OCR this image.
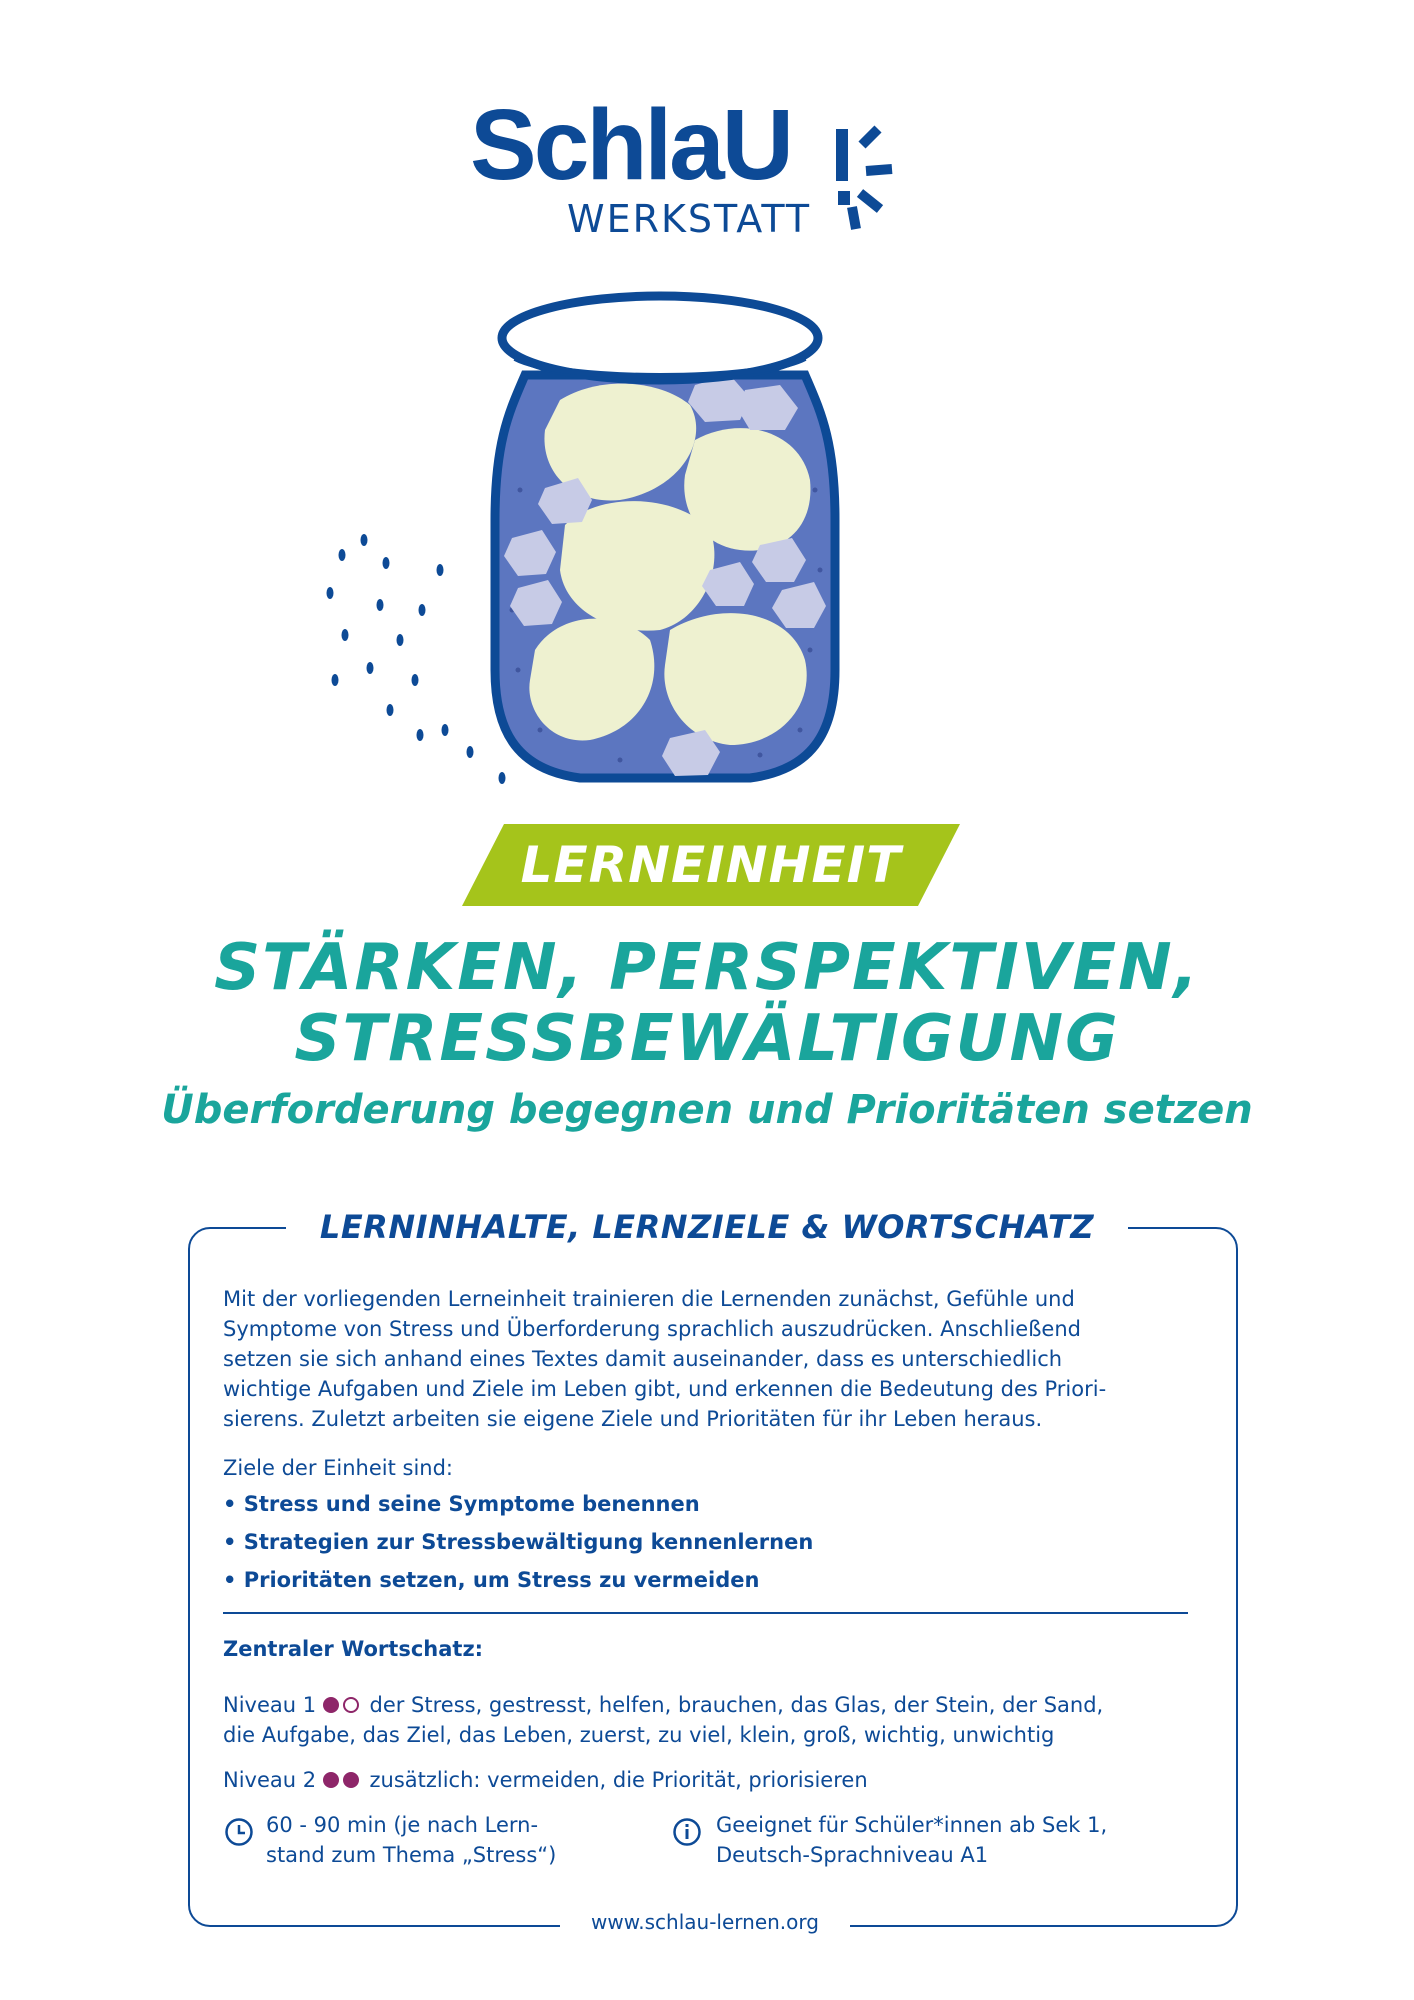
SchlaU
WERKSTATT
LERNEINHEIT
STÄRKEN, PERSPEKTIVEN,
STRESSBEWÄLTIGUNG
Überforderung begegnen und Prioritäten setzen
LERNINHALTE, LERNZIELE & WORTSCHATZ

Mit der vorliegenden Lerneinheit trainieren die Lernenden zunächst, Gefühle und

Symptome von Stress und Überforderung sprachlich auszudrücken. Anschließend

setzen sie sich anhand eines Textes damit auseinander, dass es unterschiedlich

wichtige Aufgaben und Ziele im Leben gibt, und erkennen die Bedeutung des Priori-

sierens. Zuletzt arbeiten sie eigene Ziele und Prioritäten für ihr Leben heraus.

Ziele der Einheit sind:
• Stress und seine Symptome benennen
• Strategien zur Stressbewältigung kennenlernen
• Prioritäten setzen, um Stress zu vermeiden
Zentraler Wortschatz:
Niveau 1	der Stress, gestresst, helfen, brauchen, das Glas, der Stein, der Sand,
die Aufgabe, das Ziel, das Leben, zuerst, zu viel, klein, groß, wichtig, unwichtig
Niveau 2	zusätzlich: vermeiden, die Priorität, priorisieren
60 - 90 min (je nach Lern-
stand zum Thema „Stress“)
Geeignet für Schüler*innen ab Sek 1,
Deutsch-Sprachniveau A1
www.schlau-lernen.org
